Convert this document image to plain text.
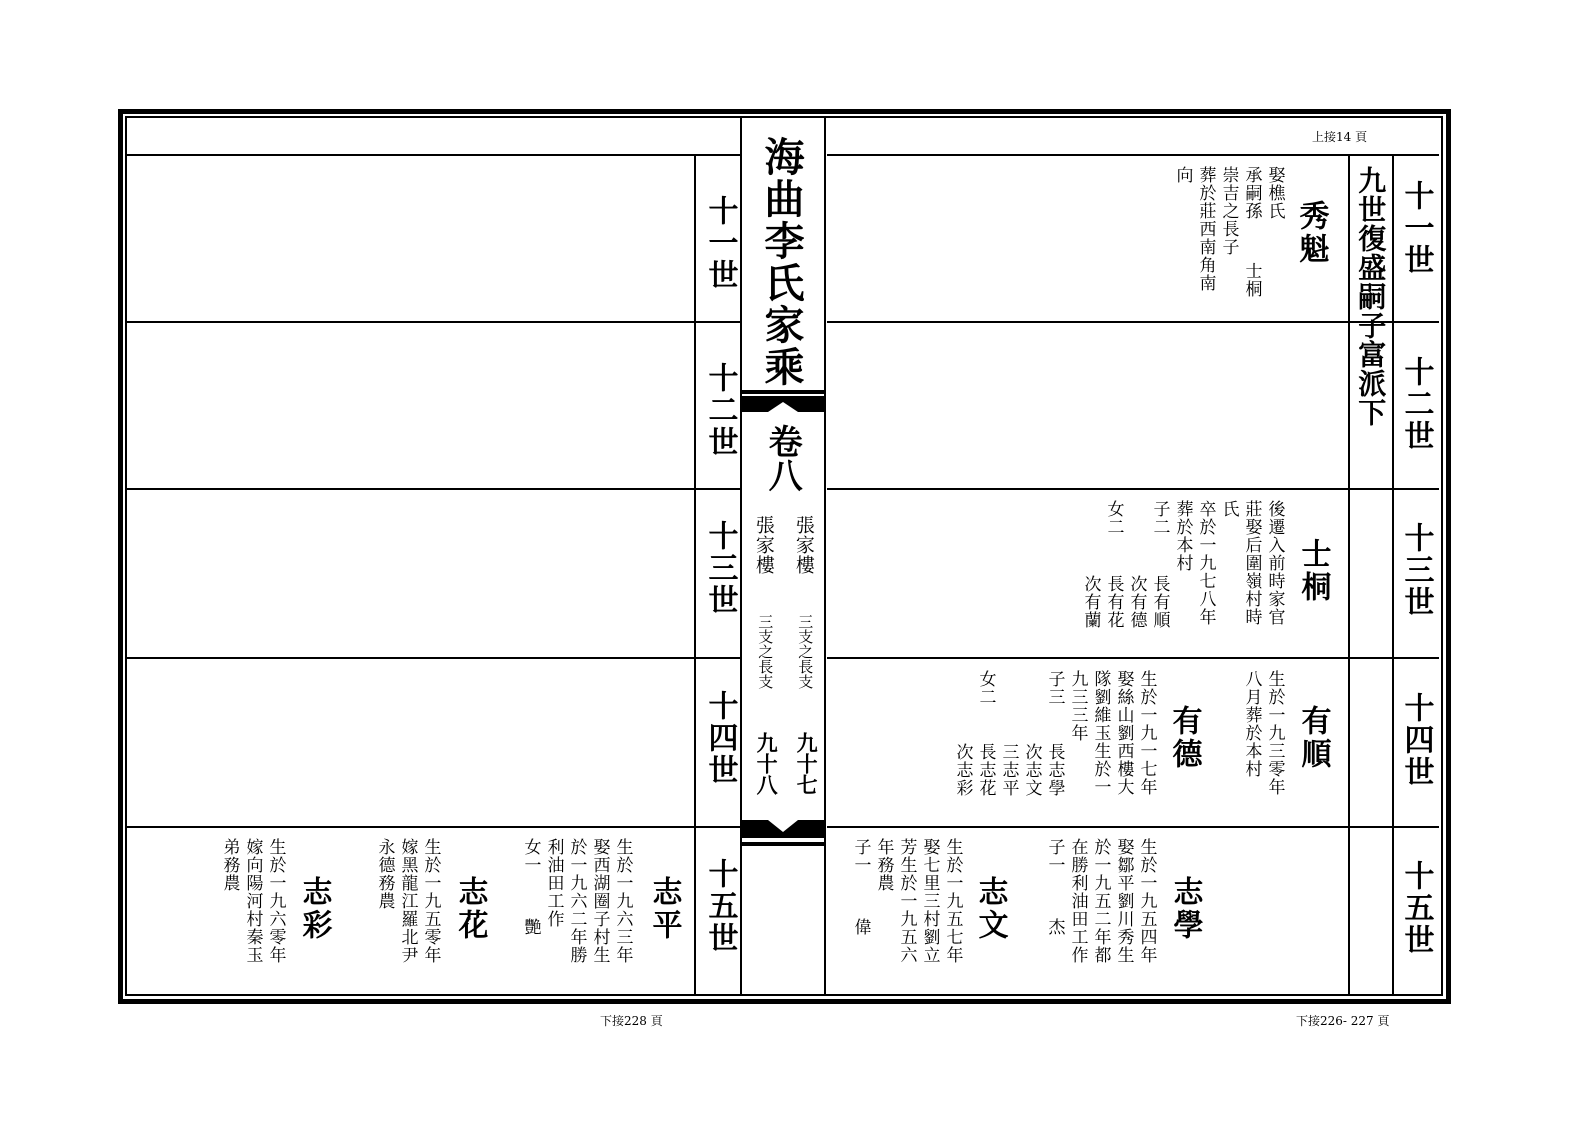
海曲李氏家乘
卷八
張家樓
張家樓
三支之長支
三支之長支
九十七
九十八
上接14 頁
下接226- 227 頁
下接228 頁
九世復盛嗣子富派下 十一世
十二世
十三世
十四世
十五世
十一世
十二世
十三世
十四世
十五世
秀魁
娶樵氏
承嗣孫
士桐
崇吉之長子
葬於莊西南角南
向
士桐
後遷入前時家官
莊娶后圍嶺村時
氏
卒於一九七八年
葬於本村
子二
長有順
次有德
女二
長有花
次有蘭
有順
生於一九三零年
八月葬於本村
有德
生於一九一七年
娶絲山劉西樓大
隊劉維玉生於一
九三三年
子三
長志學
次志文
三志平
女二
長志花
次志彩
志學
生於一九五四年
娶鄒平劉川秀生
於一九五二年都
在勝利油田工作
子一
杰
志文
生於一九五七年
娶七里三村劉立
芳生於一九五六
年務農
子一
偉
志平
生於一九六三年
娶西湖圈子村生
於一九六二年勝
利油田工作
女一
艷
志花
生於一九五零年
嫁黑龍江羅北尹
永德務農
志彩
生於一九六零年
嫁向陽河村秦玉
弟務農
